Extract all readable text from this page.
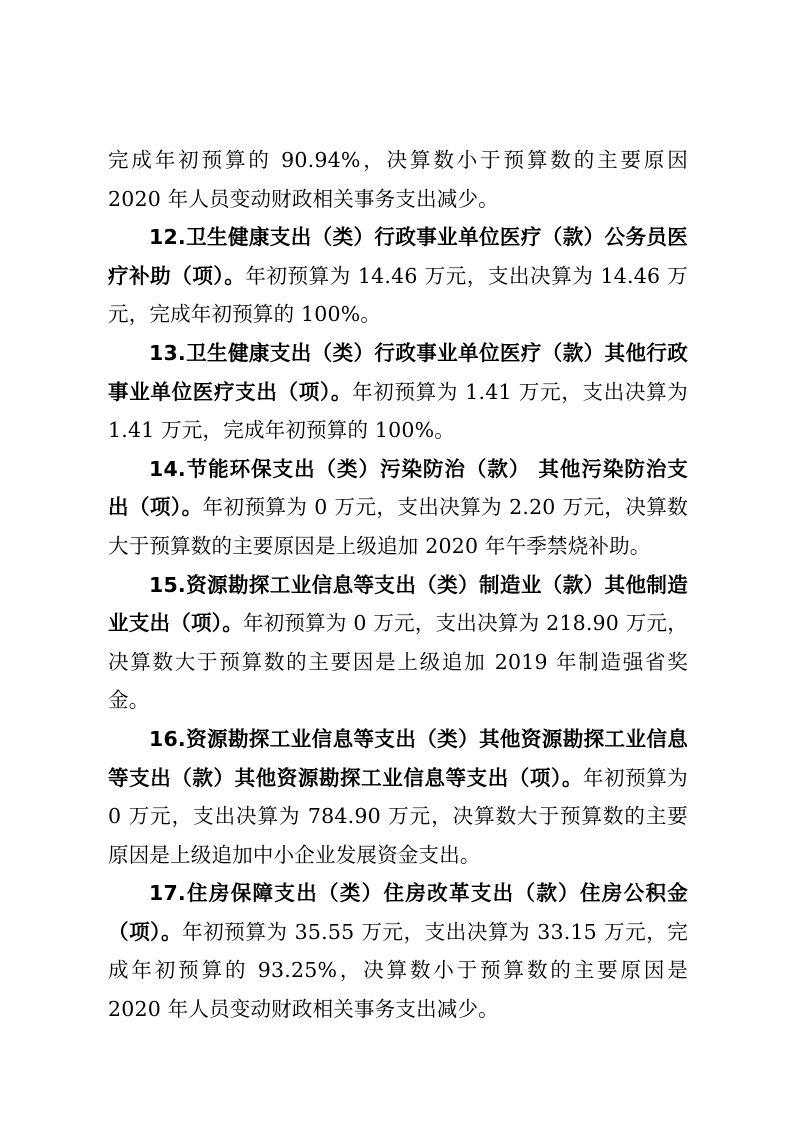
完成年初预算的 90.94%，决算数小于预算数的主要原因 2020 年人员变动财政相关事务支出减少。

12.卫生健康支出（类）行政事业单位医疗（款）公务员医疗补助（项）。年初预算为 14.46 万元，支出决算为 14.46 万元，完成年初预算的 100%。

13.卫生健康支出（类）行政事业单位医疗（款）其他行政事业单位医疗支出（项）。年初预算为 1.41 万元，支出决算为 1.41 万元，完成年初预算的 100%。

14.节能环保支出（类）污染防治（款） 其他污染防治支出（项）。年初预算为 0 万元，支出决算为 2.20 万元，决算数大于预算数的主要原因是上级追加 2020 年午季禁烧补助。

15.资源勘探工业信息等支出（类）制造业（款）其他制造业支出（项）。年初预算为 0 万元，支出决算为 218.90 万元，决算数大于预算数的主要因是上级追加 2019 年制造强省奖金。

16.资源勘探工业信息等支出（类）其他资源勘探工业信息等支出（款）其他资源勘探工业信息等支出（项）。年初预算为 0 万元，支出决算为 784.90 万元，决算数大于预算数的主要原因是上级追加中小企业发展资金支出。

17.住房保障支出（类）住房改革支出（款）住房公积金（项）。年初预算为 35.55 万元，支出决算为 33.15 万元，完成年初预算的 93.25%，决算数小于预算数的主要原因是 2020 年人员变动财政相关事务支出减少。
